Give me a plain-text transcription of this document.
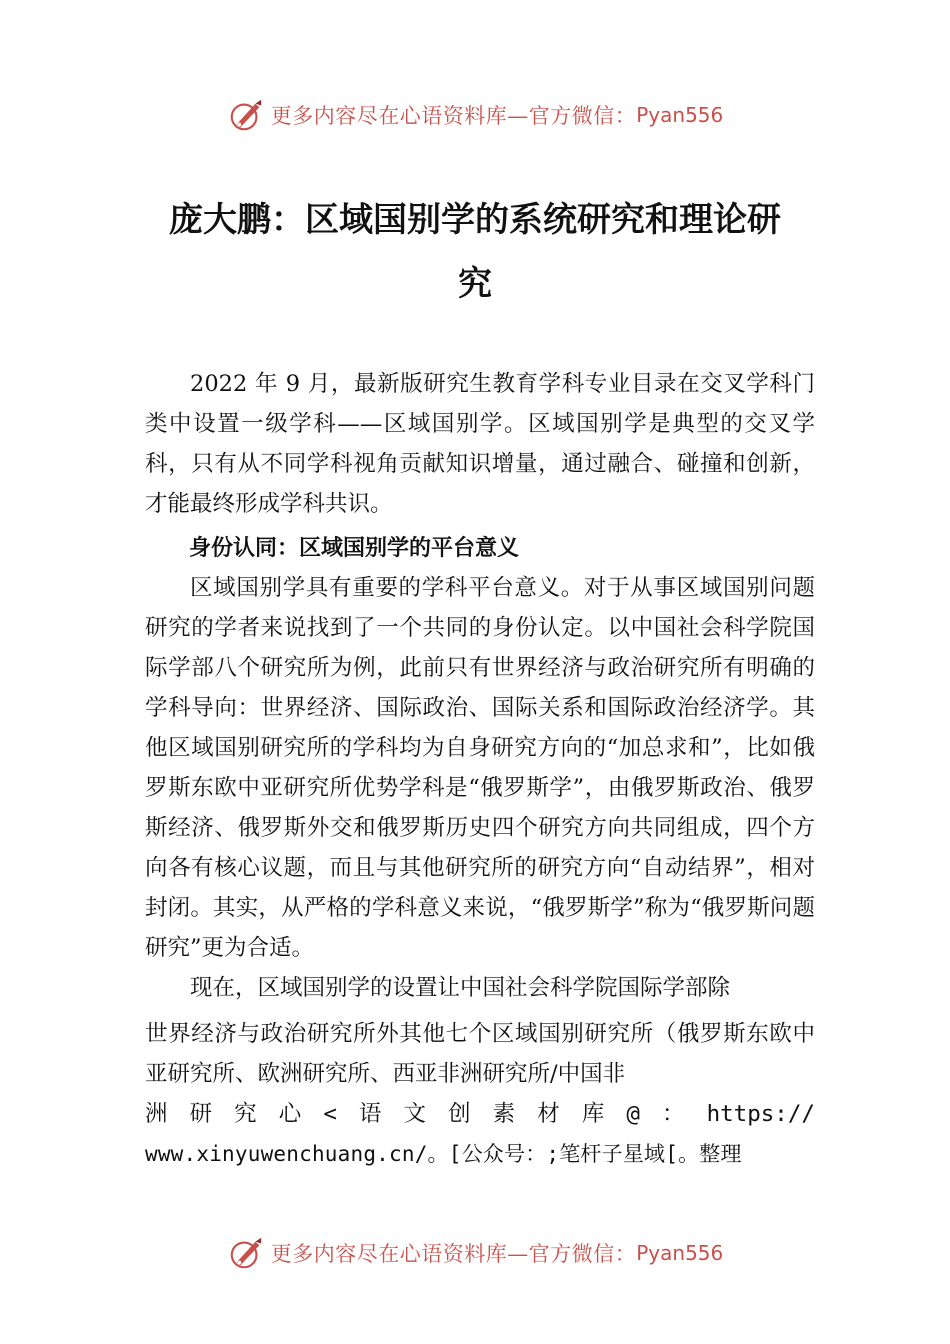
更多内容尽在心语资料库—官方微信： Pyan556
庞大鹏：区域国别学的系统研究和理论研
究

2022 年 9 月，最新版研究生教育学科专业目录在交叉学科门类中设置一级学科——区域国别学。区域国别学是典型的交叉学科，只有从不同学科视角贡献知识增量，通过融合、碰撞和创新，才能最终形成学科共识。

身份认同：区域国别学的平台意义

区域国别学具有重要的学科平台意义。对于从事区域国别问题研究的学者来说找到了一个共同的身份认定。以中国社会科学院国际学部八个研究所为例，此前只有世界经济与政治研究所有明确的学科导向：世界经济、国际政治、国际关系和国际政治经济学。其他区域国别研究所的学科均为自身研究方向的“加总求和”，比如俄罗斯东欧中亚研究所优势学科是“俄罗斯学”，由俄罗斯政治、俄罗斯经济、俄罗斯外交和俄罗斯历史四个研究方向共同组成，四个方向各有核心议题，而且与其他研究所的研究方向“自动结界”，相对封闭。其实，从严格的学科意义来说，“俄罗斯学”称为“俄罗斯问题研究”更为合适。

现在，区域国别学的设置让中国社会科学院国际学部除

世界经济与政治研究所外其他七个区域国别研究所（俄罗斯东欧中亚研究所、欧洲研究所、西亚非洲研究所/中国非

洲 研 究 心 < 语 文 创 素 材 库 @ ： https://

www.xinyuwenchuang.cn/。[公众号：;笔杆子星域[。整理

更多内容尽在心语资料库—官方微信： Pyan556
